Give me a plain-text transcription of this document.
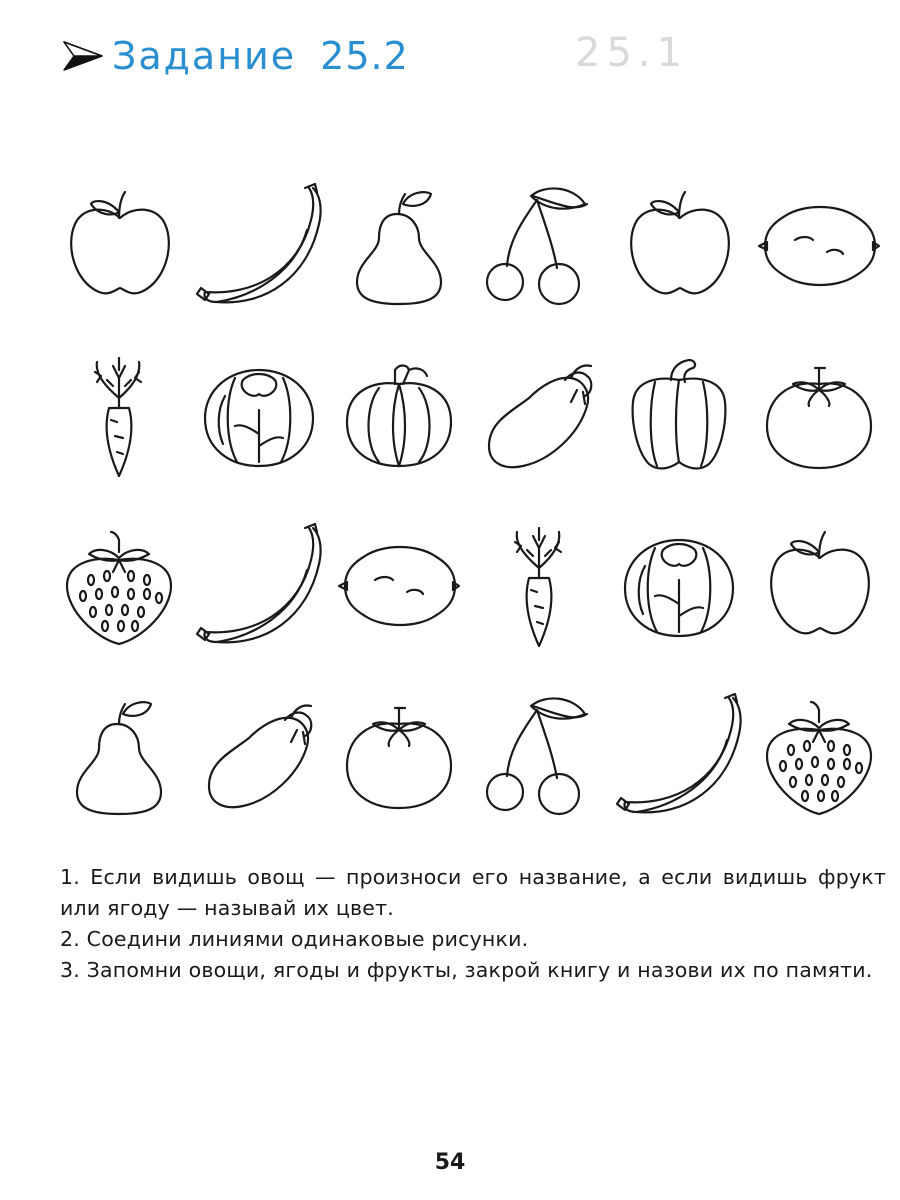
25.1
Задание 25.2

1. Если видишь овощ — произноси его название, а если видишь фрукт или ягоду — называй их цвет.

2. Соедини линиями одинаковые рисунки.

3. Запомни овощи, ягоды и фрукты, закрой книгу и назови их по памяти.

54
